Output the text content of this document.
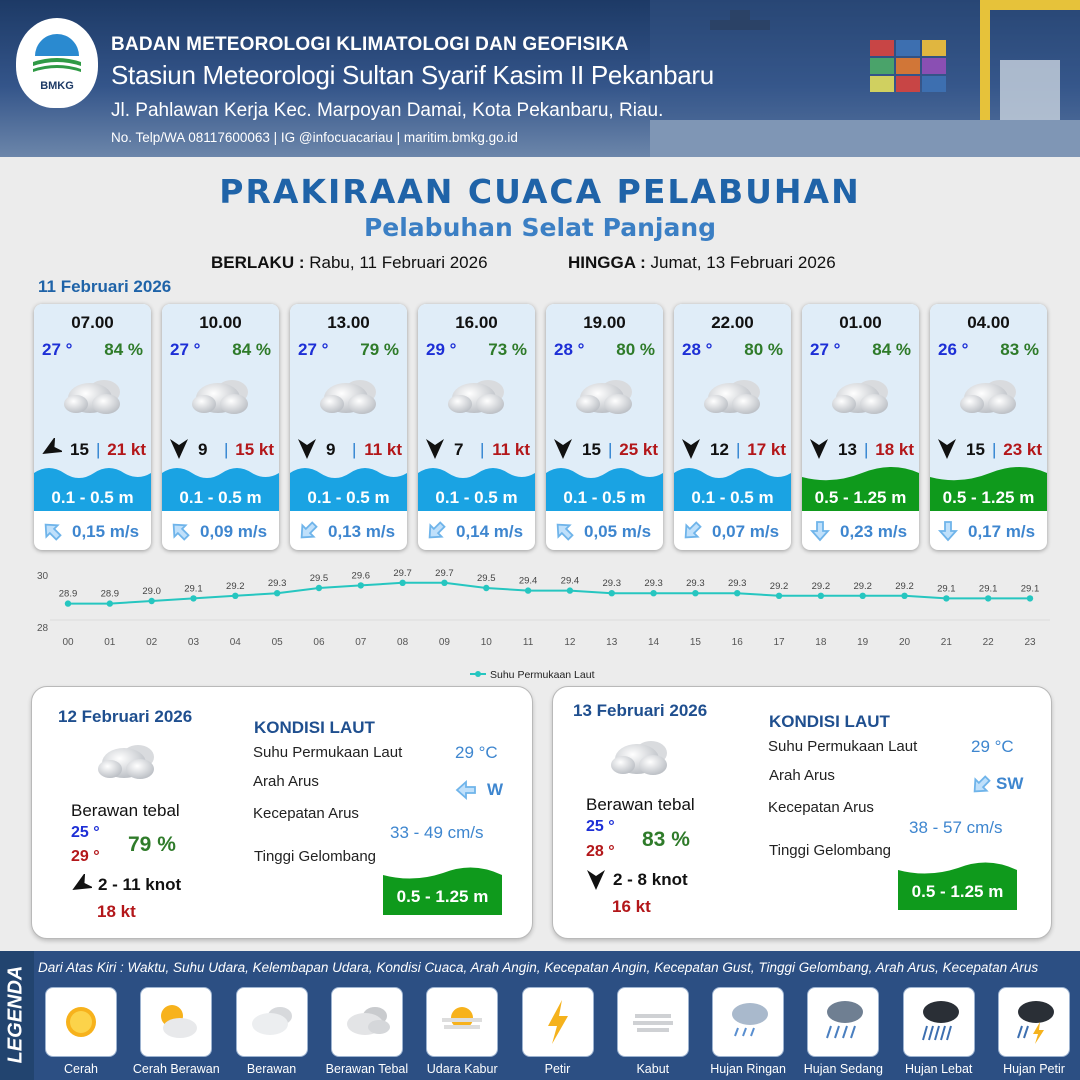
BMKG
BADAN METEOROLOGI KLIMATOLOGI DAN GEOFISIKA
Stasiun Meteorologi Sultan Syarif Kasim II Pekanbaru
Jl. Pahlawan Kerja Kec. Marpoyan Damai, Kota Pekanbaru, Riau.
No. Telp/WA 08117600063 | IG @infocuacariau | maritim.bmkg.go.id
PRAKIRAAN CUACA PELABUHAN
Pelabuhan Selat Panjang
BERLAKU : Rabu, 11 Februari 2026	HINGGA : Jumat, 13 Februari 2026
11 Februari 2026
07.00
27 ° 84 %
15 | 21 kt
0.1 - 0.5 m
0,15 m/s
10.00
27 ° 84 %
9 | 15 kt
0.1 - 0.5 m
0,09 m/s
13.00
27 ° 79 %
9 | 11 kt
0.1 - 0.5 m
0,13 m/s
16.00
29 ° 73 %
7 | 11 kt
0.1 - 0.5 m
0,14 m/s
19.00
28 ° 80 %
15 | 25 kt
0.1 - 0.5 m
0,05 m/s
22.00
28 ° 80 %
12 | 17 kt
0.1 - 0.5 m
0,07 m/s
01.00
27 ° 84 %
13 | 18 kt
0.5 - 1.25 m
0,23 m/s
04.00
26 ° 83 %
15 | 23 kt
0.5 - 1.25 m
0,17 m/s
30
28
28.9
00
28.9
01
29.0
02
29.1
03
29.2
04
29.3
05
29.5
06
29.6
07
29.7
08
29.7
09
29.5
10
29.4
11
29.4
12
29.3
13
29.3
14
29.3
15
29.3
16
29.2
17
29.2
18
29.2
19
29.2
20
29.1
21
29.1
22
29.1
23
Suhu Permukaan Laut
12 Februari 2026
Berawan tebal
25 °
29 °
79 %
2 - 11 knot
18 kt
KONDISI LAUT
Suhu Permukaan Laut	29 °C
Arah Arus	W
Kecepatan Arus
33 - 49 cm/s
Tinggi Gelombang
0.5 - 1.25 m
13 Februari 2026
Berawan tebal
25 °
28 °
83 %
2 - 8 knot
16 kt
KONDISI LAUT
Suhu Permukaan Laut	29 °C
Arah Arus	SW
Kecepatan Arus
38 - 57 cm/s
Tinggi Gelombang
0.5 - 1.25 m
LEGENDA Dari Atas Kiri : Waktu, Suhu Udara, Kelembapan Udara, Kondisi Cuaca, Arah Angin, Kecepatan Angin, Kecepatan Gust, Tinggi Gelombang, Arah Arus, Kecepatan Arus
Cerah	Cerah Berawan	Berawan	Berawan Tebal	Udara Kabur	Petir	Kabut	Hujan Ringan	Hujan Sedang	Hujan Lebat	Hujan Petir
